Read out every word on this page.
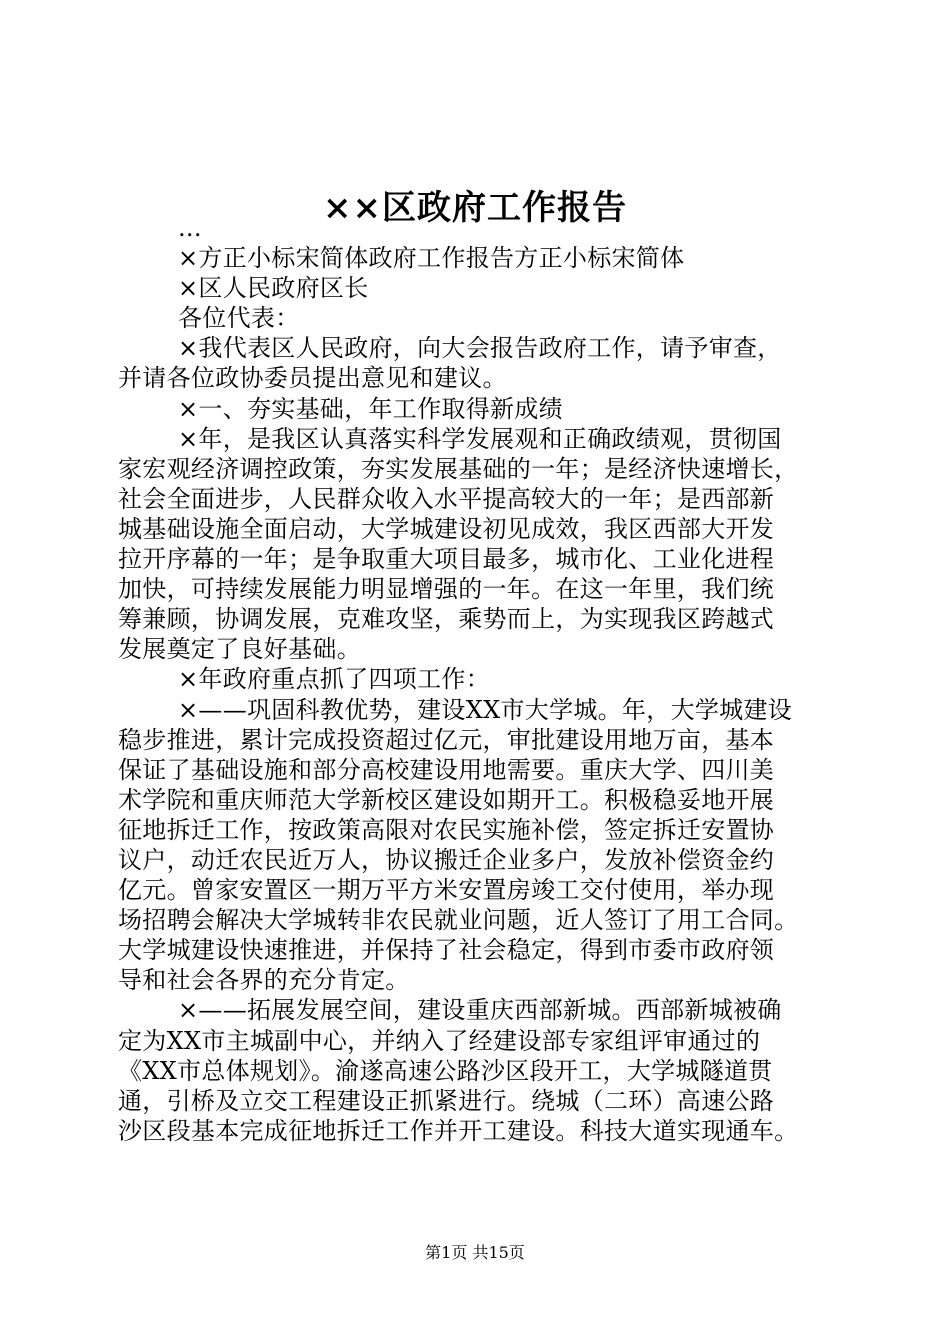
××区政府工作报告
...
×方正小标宋简体政府工作报告方正小标宋简体
×区人民政府区长
各位代表：
×我代表区人民政府，向大会报告政府工作，请予审查，
并请各位政协委员提出意见和建议。
×一、夯实基础，年工作取得新成绩
×年，是我区认真落实科学发展观和正确政绩观，贯彻国
家宏观经济调控政策，夯实发展基础的一年；是经济快速增长，
社会全面进步，人民群众收入水平提高较大的一年；是西部新
城基础设施全面启动，大学城建设初见成效，我区西部大开发
拉开序幕的一年；是争取重大项目最多，城市化、工业化进程
加快，可持续发展能力明显增强的一年。在这一年里，我们统
筹兼顾，协调发展，克难攻坚，乘势而上，为实现我区跨越式
发展奠定了良好基础。
×年政府重点抓了四项工作：
×——巩固科教优势，建设XX市大学城。年，大学城建设
稳步推进，累计完成投资超过亿元，审批建设用地万亩，基本
保证了基础设施和部分高校建设用地需要。重庆大学、四川美
术学院和重庆师范大学新校区建设如期开工。积极稳妥地开展
征地拆迁工作，按政策高限对农民实施补偿，签定拆迁安置协
议户，动迁农民近万人，协议搬迁企业多户，发放补偿资金约
亿元。曾家安置区一期万平方米安置房竣工交付使用，举办现
场招聘会解决大学城转非农民就业问题，近人签订了用工合同。
大学城建设快速推进，并保持了社会稳定，得到市委市政府领
导和社会各界的充分肯定。
×——拓展发展空间，建设重庆西部新城。西部新城被确
定为XX市主城副中心，并纳入了经建设部专家组评审通过的
《XX市总体规划》。渝遂高速公路沙区段开工，大学城隧道贯
通，引桥及立交工程建设正抓紧进行。绕城（二环）高速公路
沙区段基本完成征地拆迁工作并开工建设。科技大道实现通车。
第1页 共15页
